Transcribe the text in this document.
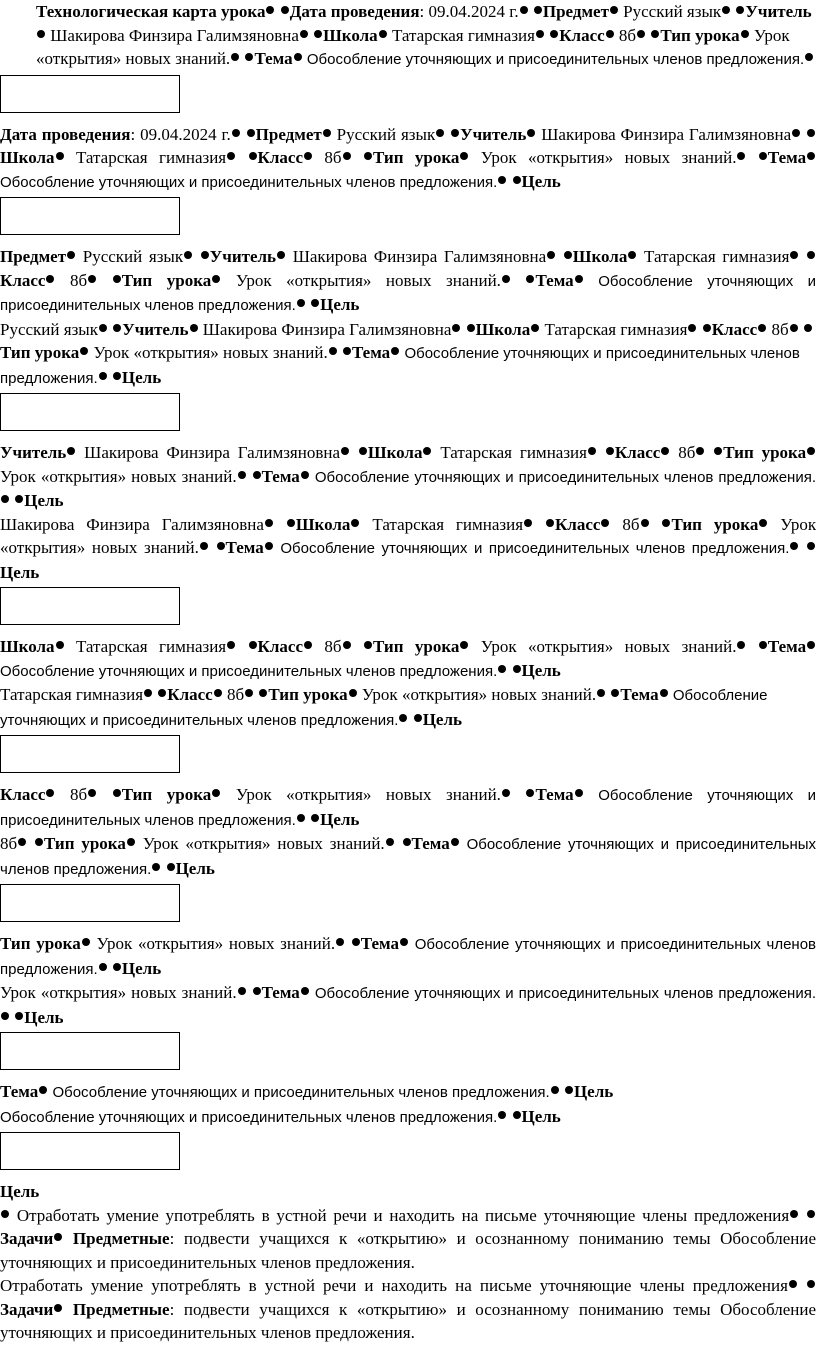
Технологическая карта урока Дата проведения: 09.04.2024 г. Предмет Русский язык Учитель Шакирова Финзира Галимзяновна Школа Татарская гимназия Класс 8б Тип урока Урок «открытия» новых знаний. Тема Обособление уточняющих и присоединительных членов предложения.

Дата проведения: 09.04.2024 г. Предмет Русский язык Учитель Шакирова Финзира Галимзяновна Школа Татарская гимназия Класс 8б Тип урока Урок «открытия» новых знаний. Тема Обособление уточняющих и присоединительных членов предложения. Цель

Предмет Русский язык Учитель Шакирова Финзира Галимзяновна Школа Татарская гимназия Класс 8б Тип урока Урок «открытия» новых знаний. Тема Обособление уточняющих и присоединительных членов предложения. Цель

Русский язык Учитель Шакирова Финзира Галимзяновна Школа Татарская гимназия Класс 8б Тип урока Урок «открытия» новых знаний. Тема Обособление уточняющих и присоединительных членов предложения. Цель

Учитель Шакирова Финзира Галимзяновна Школа Татарская гимназия Класс 8б Тип урока Урок «открытия» новых знаний. Тема Обособление уточняющих и присоединительных членов предложения. Цель

Шакирова Финзира Галимзяновна Школа Татарская гимназия Класс 8б Тип урока Урок «открытия» новых знаний. Тема Обособление уточняющих и присоединительных членов предложения. Цель

Школа Татарская гимназия Класс 8б Тип урока Урок «открытия» новых знаний. Тема Обособление уточняющих и присоединительных членов предложения. Цель

Татарская гимназия Класс 8б Тип урока Урок «открытия» новых знаний. Тема Обособление уточняющих и присоединительных членов предложения. Цель

Класс 8б Тип урока Урок «открытия» новых знаний. Тема Обособление уточняющих и присоединительных членов предложения. Цель

8б Тип урока Урок «открытия» новых знаний. Тема Обособление уточняющих и присоединительных членов предложения. Цель

Тип урока Урок «открытия» новых знаний. Тема Обособление уточняющих и присоединительных членов предложения. Цель

Урок «открытия» новых знаний. Тема Обособление уточняющих и присоединительных членов предложения. Цель

Тема Обособление уточняющих и присоединительных членов предложения. Цель

Обособление уточняющих и присоединительных членов предложения. Цель

Цель

Отработать умение употреблять в устной речи и находить на письме уточняющие члены предложения Задачи Предметные: подвести учащихся к «открытию» и осознанному пониманию темы Обособление уточняющих и присоединительных членов предложения.

Отработать умение употреблять в устной речи и находить на письме уточняющие члены предложения Задачи Предметные: подвести учащихся к «открытию» и осознанному пониманию темы Обособление уточняющих и присоединительных членов предложения.
